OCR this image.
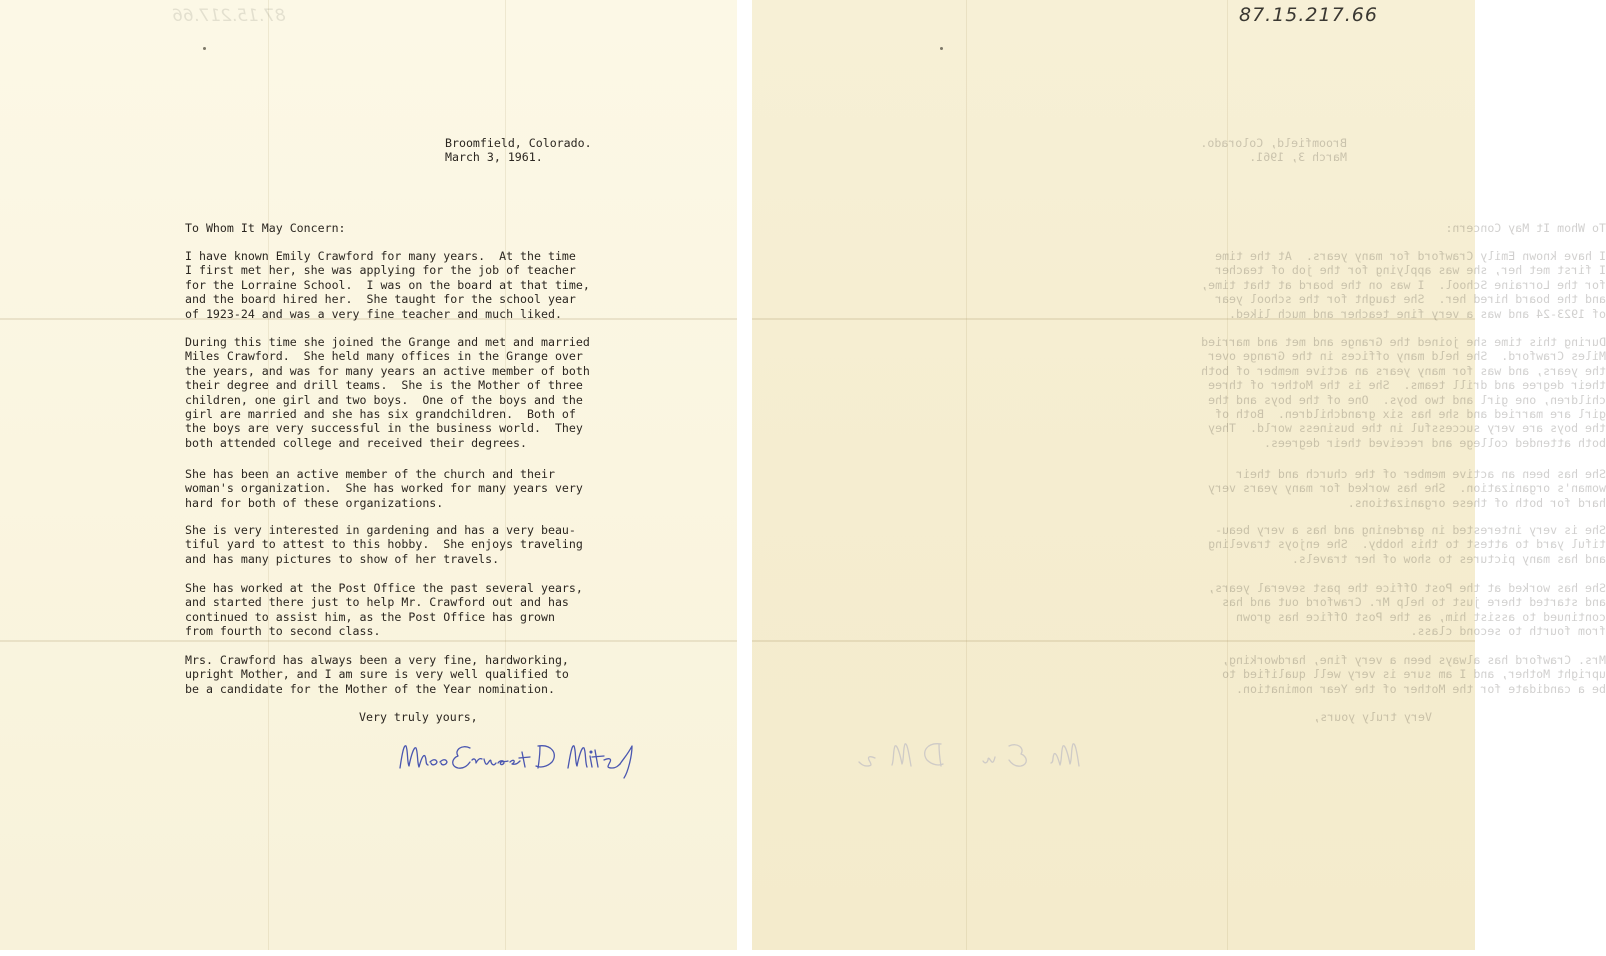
87.15.217.66
Broomfield, Colorado.
March 3, 1961.
To Whom It May Concern:
I have known Emily Crawford for many years.  At the time
I first met her, she was applying for the job of teacher
for the Lorraine School.  I was on the board at that time,
and the board hired her.  She taught for the school year
of 1923-24 and was a very fine teacher and much liked.
During this time she joined the Grange and met and married
Miles Crawford.  She held many offices in the Grange over
the years, and was for many years an active member of both
their degree and drill teams.  She is the Mother of three
children, one girl and two boys.  One of the boys and the
girl are married and she has six grandchildren.  Both of
the boys are very successful in the business world.  They
both attended college and received their degrees.
She has been an active member of the church and their
woman's organization.  She has worked for many years very
hard for both of these organizations.
She is very interested in gardening and has a very beau-
tiful yard to attest to this hobby.  She enjoys traveling
and has many pictures to show of her travels.
She has worked at the Post Office the past several years,
and started there just to help Mr. Crawford out and has
continued to assist him, as the Post Office has grown
from fourth to second class.
Mrs. Crawford has always been a very fine, hardworking,
upright Mother, and I am sure is very well qualified to
be a candidate for the Mother of the Year nomination.
Very truly yours,

87.15.217.66

Broomfield, Colorado.
March 3, 1961.
To Whom It May Concern:
I have known Emily Crawford for many years.  At the time
I first met her, she was applying for the job of teacher
for the Lorraine School.  I was on the board at that time,
and the board hired her.  She taught for the school year
of 1923-24 and was a very fine teacher and much liked.
During this time she joined the Grange and met and married
Miles Crawford.  She held many offices in the Grange over
the years, and was for many years an active member of both
their degree and drill teams.  She is the Mother of three
children, one girl and two boys.  One of the boys and the
girl are married and she has six grandchildren.  Both of
the boys are very successful in the business world.  They
both attended college and received their degrees.
She has been an active member of the church and their
woman's organization.  She has worked for many years very
hard for both of these organizations.
She is very interested in gardening and has a very beau-
tiful yard to attest to this hobby.  She enjoys traveling
and has many pictures to show of her travels.
She has worked at the Post Office the past several years,
and started there just to help Mr. Crawford out and has
continued to assist him, as the Post Office has grown
from fourth to second class.
Mrs. Crawford has always been a very fine, hardworking,
upright Mother, and I am sure is very well qualified to
be a candidate for the Mother of the Year nomination.
Very truly yours,
